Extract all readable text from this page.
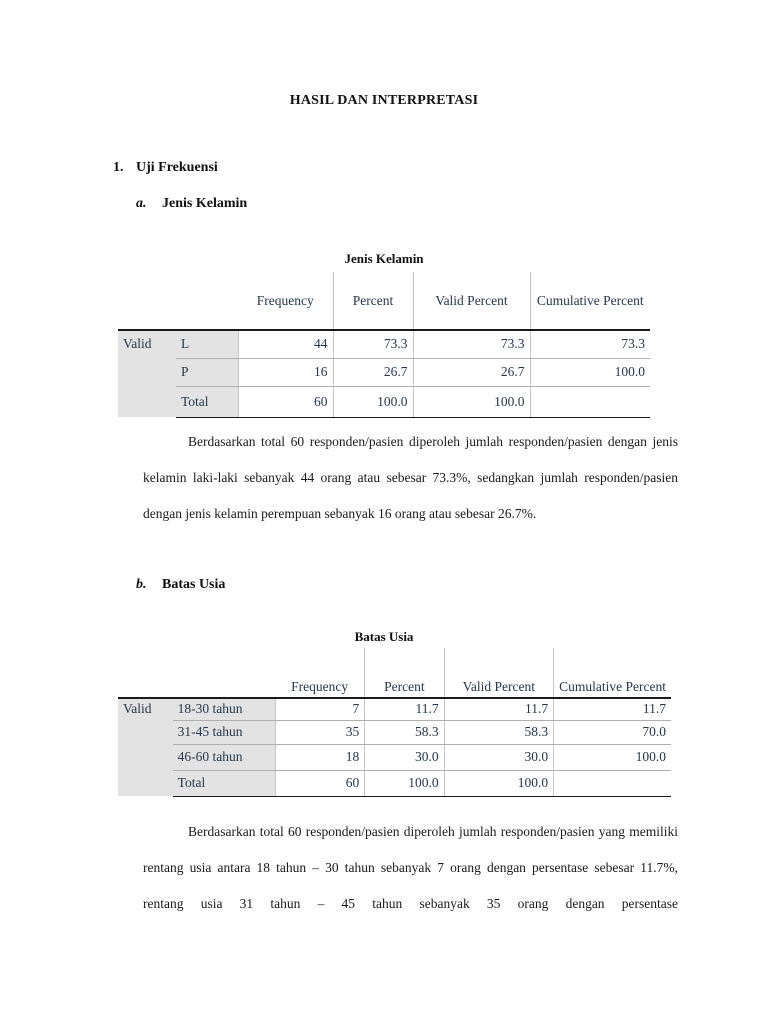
HASIL DAN INTERPRETASI
1. Uji Frekuensi
a. Jenis Kelamin
Jenis Kelamin
		Frequency	Percent	Valid Percent	Cumulative Percent
Valid	L	44	73.3	73.3	73.3
	P	16	26.7	26.7	100.0
	Total	60	100.0	100.0	

Berdasarkan total 60 responden/pasien diperoleh jumlah responden/pasien dengan jenis kelamin laki-laki sebanyak 44 orang atau sebesar 73.3%, sedangkan jumlah responden/pasien dengan jenis kelamin perempuan sebanyak 16 orang atau sebesar 26.7%.

b. Batas Usia
Batas Usia
		Frequency	Percent	Valid Percent	Cumulative Percent
Valid	18-30 tahun	7	11.7	11.7	11.7
	31-45 tahun	35	58.3	58.3	70.0
	46-60 tahun	18	30.0	30.0	100.0
	Total	60	100.0	100.0	

Berdasarkan total 60 responden/pasien diperoleh jumlah responden/pasien yang memiliki rentang usia antara 18 tahun – 30 tahun sebanyak 7 orang dengan persentase sebesar 11.7%, rentang usia 31 tahun – 45 tahun sebanyak 35 orang dengan persentase
